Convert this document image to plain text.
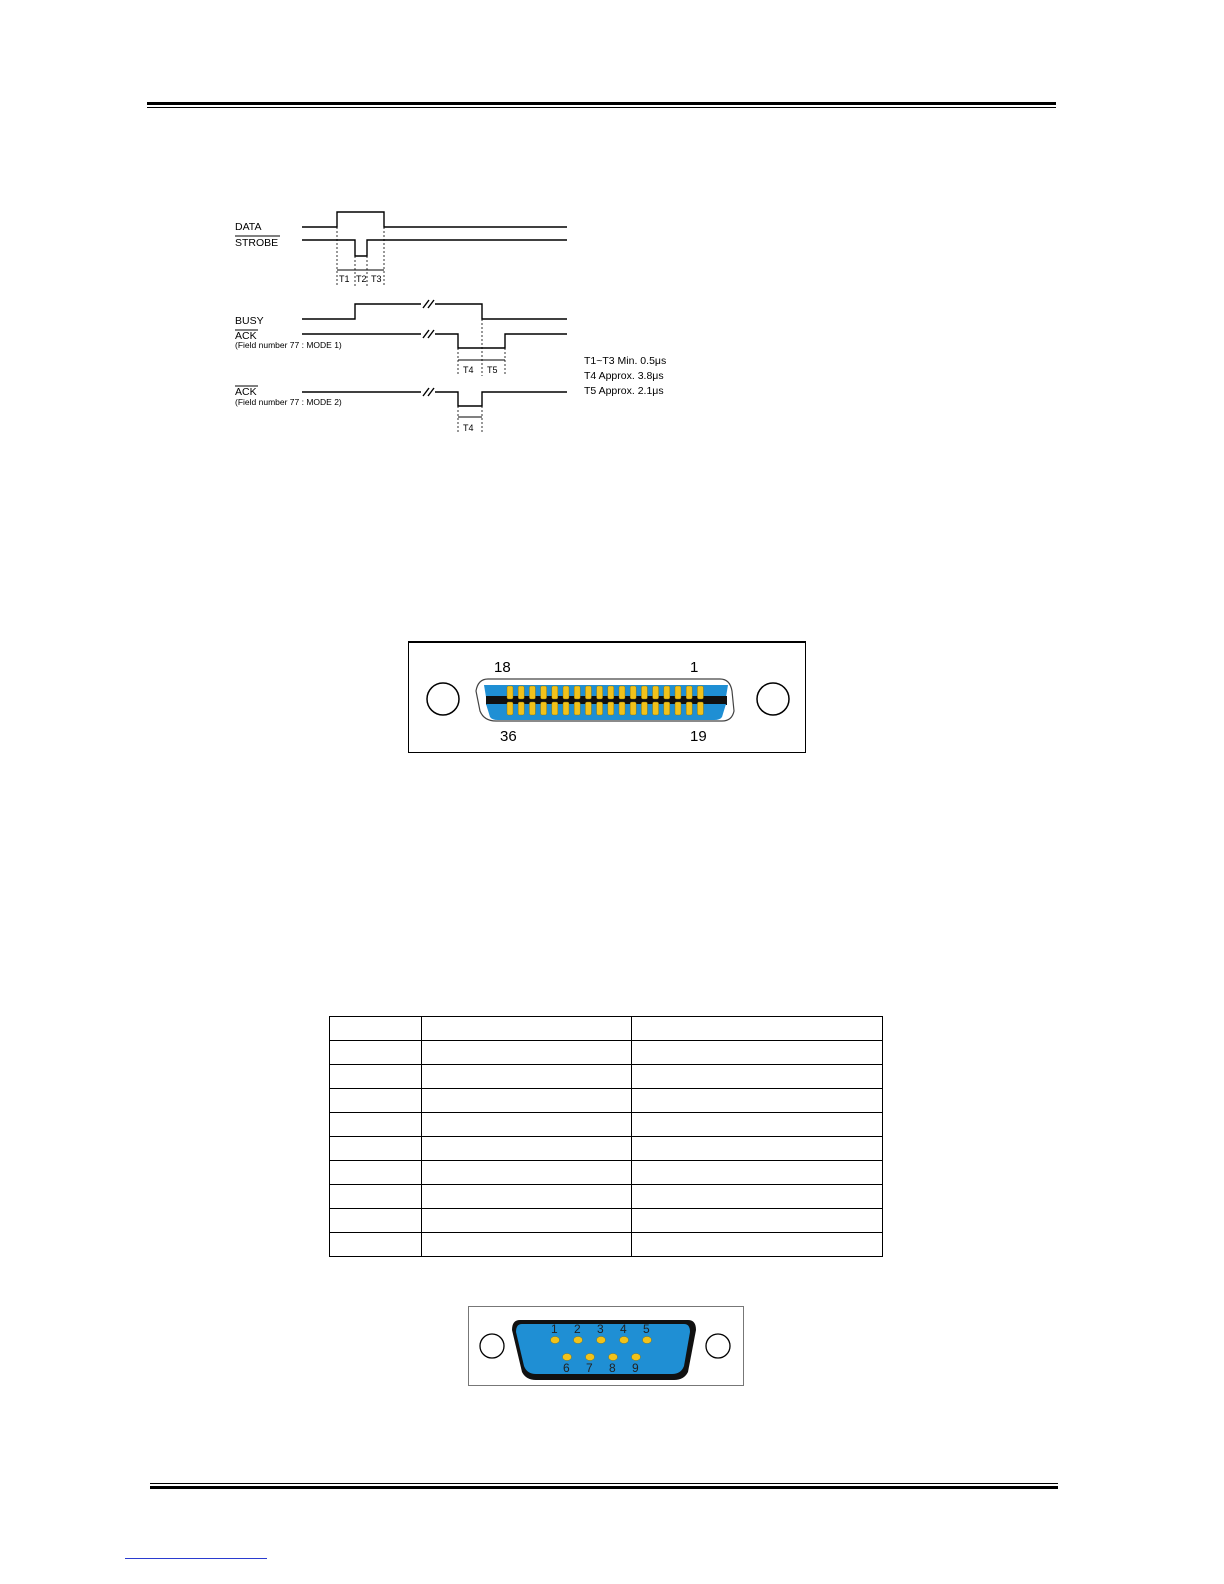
DATA
STROBE
BUSY
ACK
(Field number 77 : MODE 1)
ACK
(Field number 77 : MODE 2)
T1 T2 T3
T4 T5
T4
T1~T3 Min. 0.5μs
T4 Approx. 3.8μs
T5 Approx. 2.1μs
18	1
36	19

1 2 3 4 5
6 7 8 9
